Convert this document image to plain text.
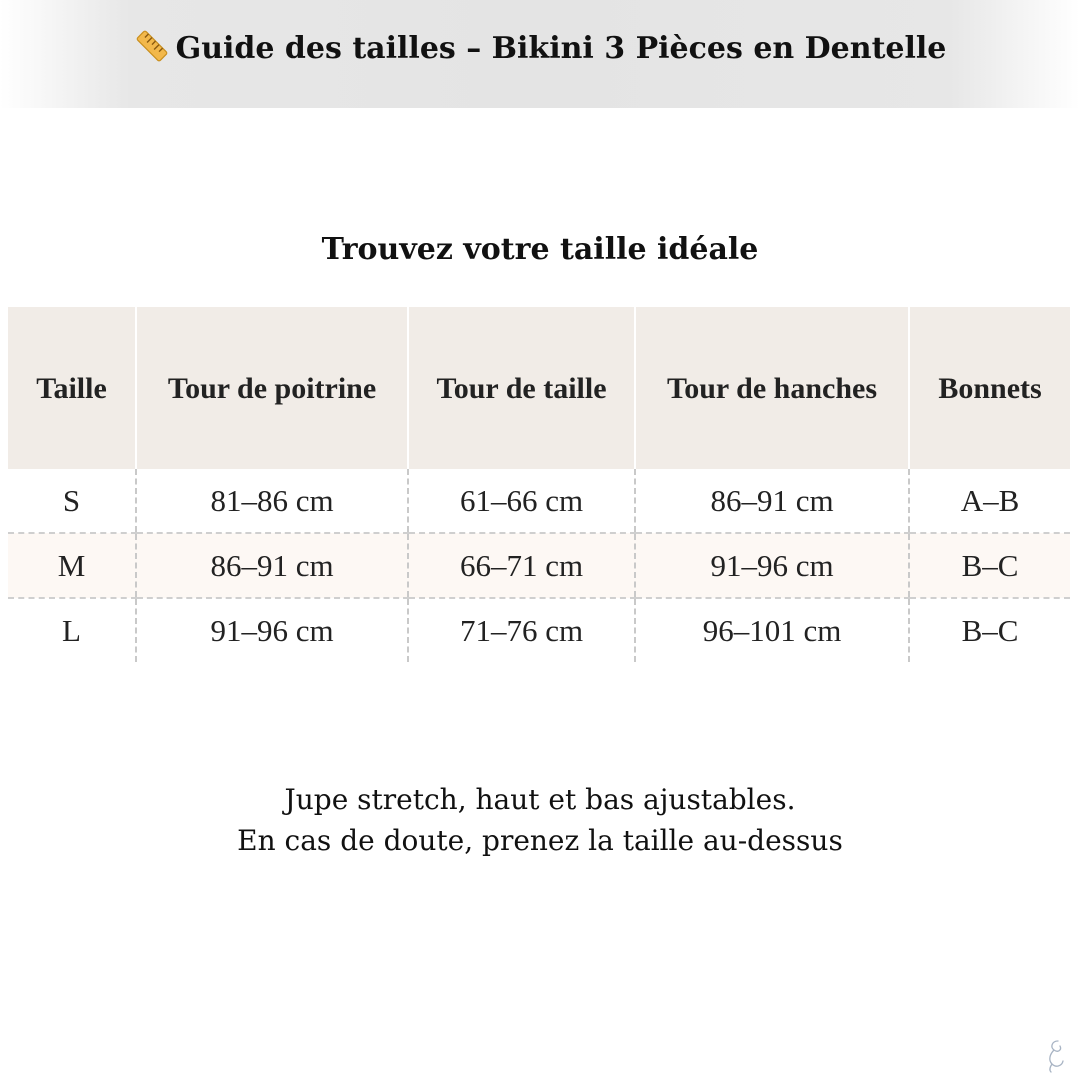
Guide des tailles – Bikini 3 Pièces en Dentelle
Trouvez votre taille idéale
Taille	Tour de poitrine	Tour de taille	Tour de hanches	Bonnets
S	81–86 cm	61–66 cm	86–91 cm	A–B
M	86–91 cm	66–71 cm	91–96 cm	B–C
L	91–96 cm	71–76 cm	96–101 cm	B–C

Jupe stretch, haut et bas ajustables.

En cas de doute, prenez la taille au-dessus
